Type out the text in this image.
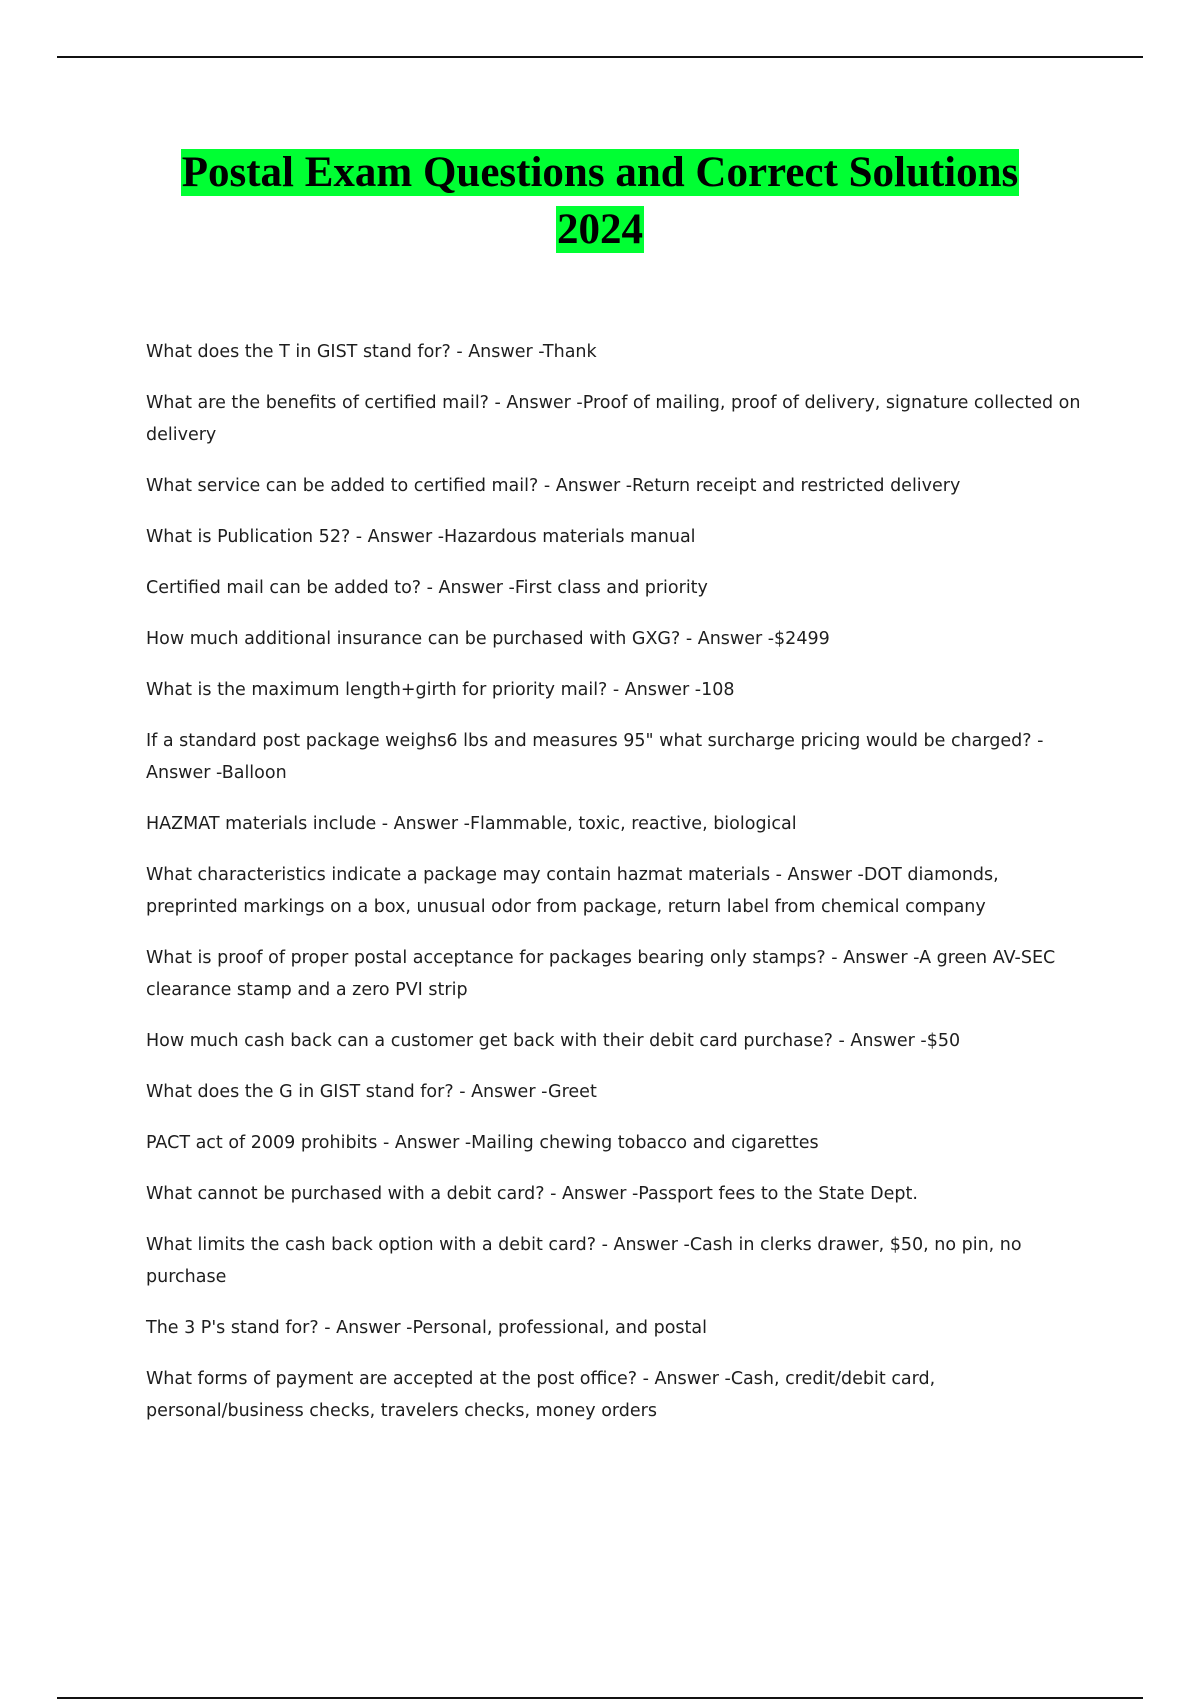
Postal Exam Questions and Correct Solutions
2024

What does the T in GIST stand for? - Answer -Thank

What are the benefits of certified mail? - Answer -Proof of mailing, proof of delivery, signature collected on delivery

What service can be added to certified mail? - Answer -Return receipt and restricted delivery

What is Publication 52? - Answer -Hazardous materials manual

Certified mail can be added to? - Answer -First class and priority

How much additional insurance can be purchased with GXG? - Answer -$2499

What is the maximum length+girth for priority mail? - Answer -108

If a standard post package weighs6 lbs and measures 95" what surcharge pricing would be charged? - Answer -Balloon

HAZMAT materials include - Answer -Flammable, toxic, reactive, biological

What characteristics indicate a package may contain hazmat materials - Answer -DOT diamonds, preprinted markings on a box, unusual odor from package, return label from chemical company

What is proof of proper postal acceptance for packages bearing only stamps? - Answer -A green AV-SEC clearance stamp and a zero PVI strip

How much cash back can a customer get back with their debit card purchase? - Answer -$50

What does the G in GIST stand for? - Answer -Greet

PACT act of 2009 prohibits - Answer -Mailing chewing tobacco and cigarettes

What cannot be purchased with a debit card? - Answer -Passport fees to the State Dept.

What limits the cash back option with a debit card? - Answer -Cash in clerks drawer, $50, no pin, no purchase

The 3 P's stand for? - Answer -Personal, professional, and postal

What forms of payment are accepted at the post office? - Answer -Cash, credit/debit card, personal/business checks, travelers checks, money orders
